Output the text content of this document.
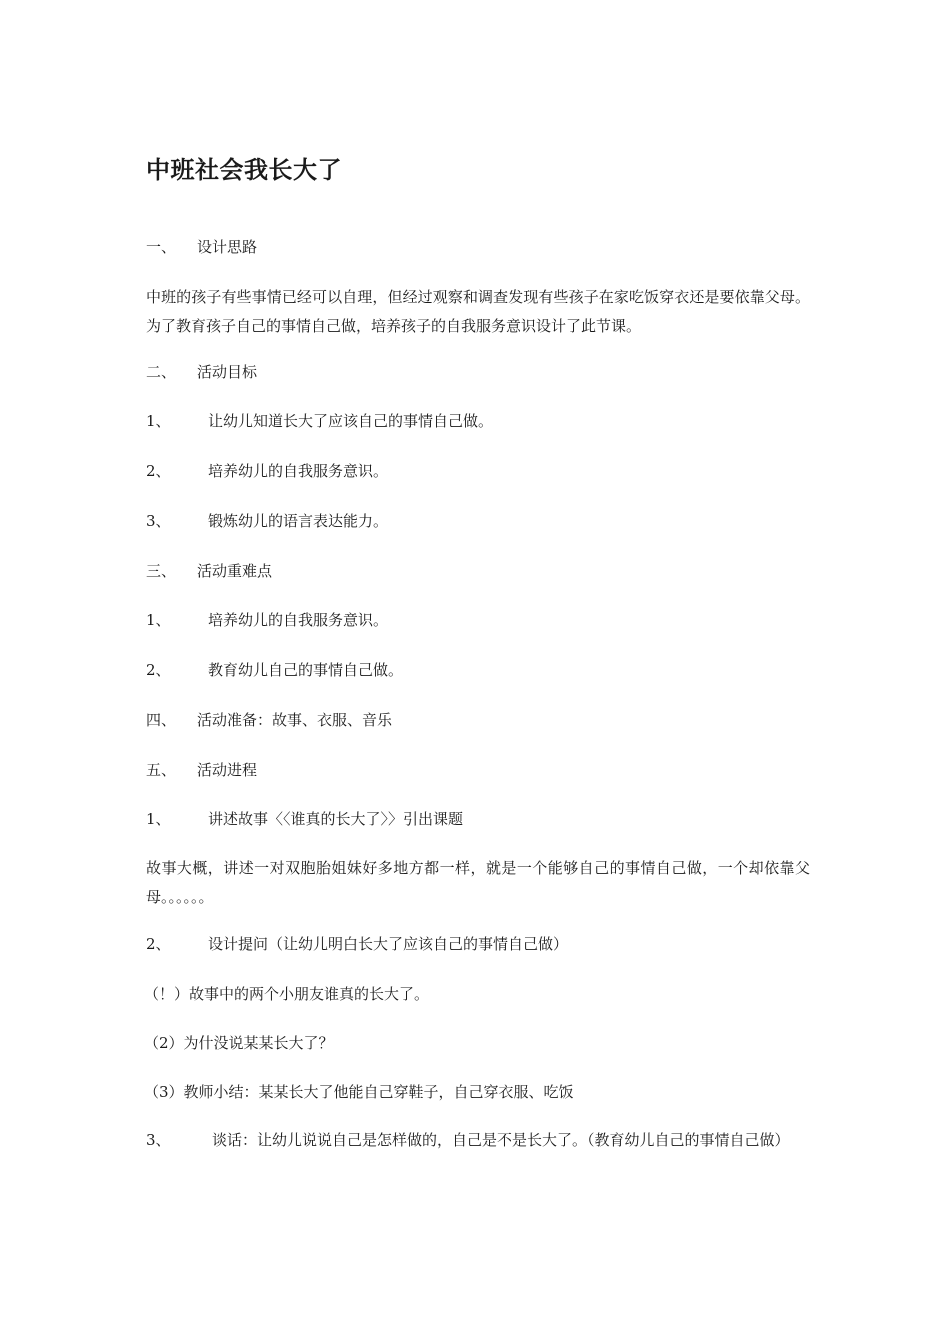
中班社会我长大了
一、 设计思路
中班的孩子有些事情已经可以自理，但经过观察和调查发现有些孩子在家吃饭穿衣还是要依靠父母。为了教育孩子自己的事情自己做，培养孩子的自我服务意识设计了此节课。
二、 活动目标
1、 让幼儿知道长大了应该自己的事情自己做。
2、 培养幼儿的自我服务意识。
3、 锻炼幼儿的语言表达能力。
三、 活动重难点
1、 培养幼儿的自我服务意识。
2、 教育幼儿自己的事情自己做。
四、 活动准备：故事、衣服、音乐
五、 活动进程
1、 讲述故事〈〈谁真的长大了〉〉引出课题
故事大概，讲述一对双胞胎姐妹好多地方都一样，就是一个能够自己的事情自己做，一个却依靠父母。。。。。。
2、 设计提问（让幼儿明白长大了应该自己的事情自己做）
（！）故事中的两个小朋友谁真的长大了。
（2）为什没说某某长大了？
（3）教师小结：某某长大了他能自己穿鞋子，自己穿衣服、吃饭
3、	谈话：让幼儿说说自己是怎样做的，自己是不是长大了。（教育幼儿自己的事情自己做）
